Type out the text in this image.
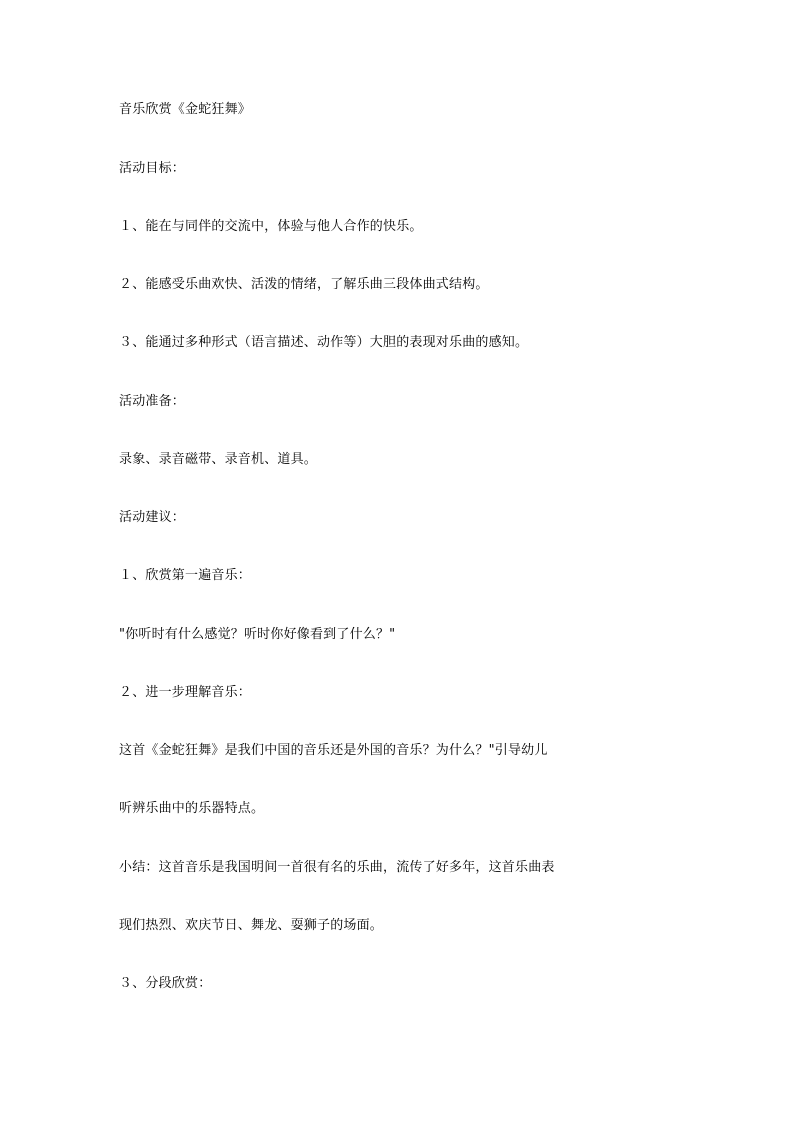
音乐欣赏《金蛇狂舞》
活动目标：
１、能在与同伴的交流中，体验与他人合作的快乐。
２、能感受乐曲欢快、活泼的情绪，了解乐曲三段体曲式结构。
３、能通过多种形式（语言描述、动作等）大胆的表现对乐曲的感知。
活动准备：
录象、录音磁带、录音机、道具。
活动建议：
１、欣赏第一遍音乐：
"你听时有什么感觉？听时你好像看到了什么？"
２、进一步理解音乐：
这首《金蛇狂舞》是我们中国的音乐还是外国的音乐？为什么？"引导幼儿
听辨乐曲中的乐器特点。
小结：这首音乐是我国明间一首很有名的乐曲，流传了好多年，这首乐曲表
现们热烈、欢庆节日、舞龙、耍狮子的场面。
３、分段欣赏：
